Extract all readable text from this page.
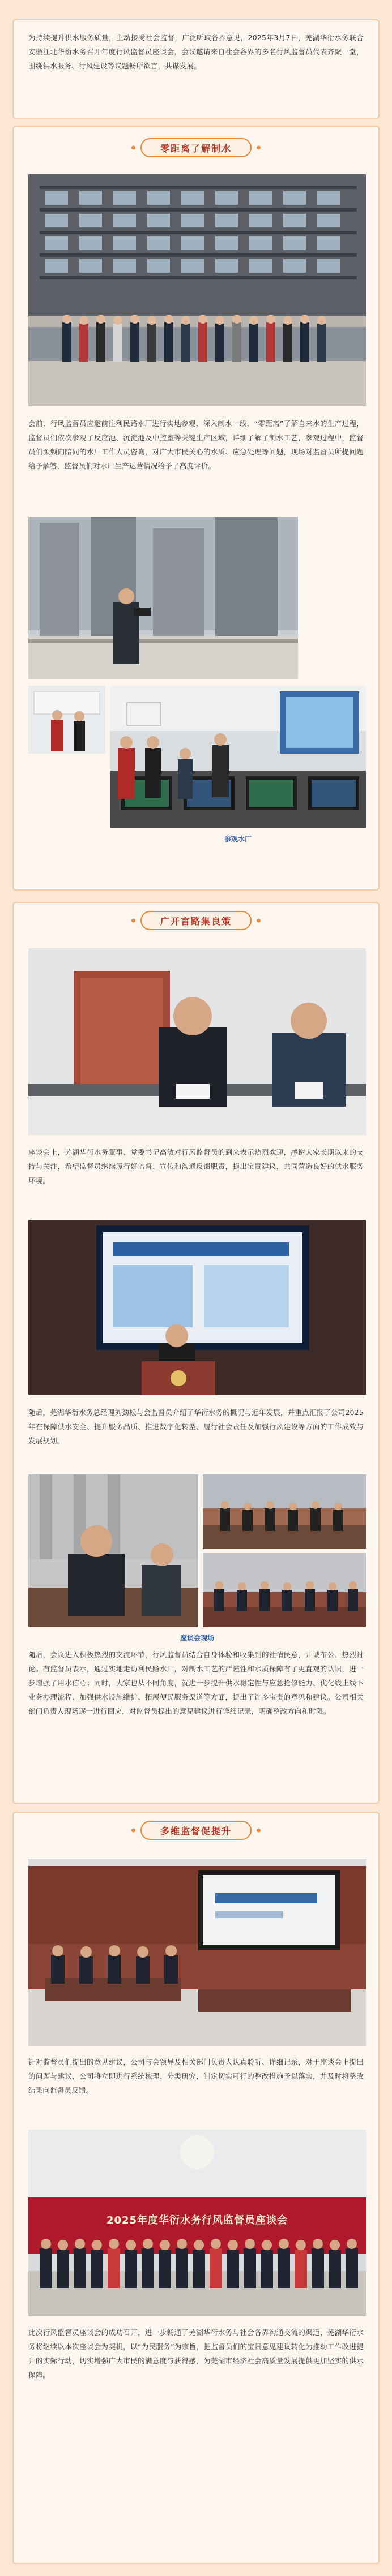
为持续提升供水服务质量，主动接受社会监督，广泛听取各界意见，2025年3月7日，芜湖华衍水务联合安徽江北华衍水务召开年度行风监督员座谈会，会议邀请来自社会各界的多名行风监督员代表齐聚一堂，围绕供水服务、行风建设等议题畅所欲言，共谋发展。

零距离了解制水

会前，行风监督员应邀前往利民路水厂进行实地参观，深入制水一线，“零距离”了解自来水的生产过程，监督员们依次参观了反应池、沉淀池及中控室等关键生产区域，详细了解了制水工艺，参观过程中，监督员们频频向陪同的水厂工作人员咨询，对广大市民关心的水质、应急处理等问题，现场对监督员所提问题给予解答，监督员们对水厂生产运营情况给予了高度评价。

参观水厂
广开言路集良策

座谈会上，芜湖华衍水务董事、党委书记高敏对行风监督员的到来表示热烈欢迎，感谢大家长期以来的支持与关注，希望监督员继续履行好监督、宣传和沟通反馈职责，提出宝贵建议，共同营造良好的供水服务环境。

随后，芜湖华衍水务总经理刘劲松与会监督员介绍了华衍水务的概况与近年发展，并重点汇报了公司2025年在保障供水安全、提升服务品质、推进数字化转型、履行社会责任及加强行风建设等方面的工作成效与发展规划。

座谈会现场

随后，会议进入积极热烈的交流环节，行风监督员结合自身体验和收集到的社情民意，开诚布公、热烈讨论。有监督员表示，通过实地走访利民路水厂，对制水工艺的严谨性和水质保障有了更直观的认识，进一步增强了用水信心；同时，大家也从不同角度，就进一步提升供水稳定性与应急抢修能力、优化线上线下业务办理流程、加强供水设施维护、拓展便民服务渠道等方面，提出了许多宝贵的意见和建议。公司相关部门负责人现场逐一进行回应，对监督员提出的意见建议进行详细记录，明确整改方向和时限。

多维监督促提升

针对监督员们提出的意见建议，公司与会领导及相关部门负责人认真聆听、详细记录，对于座谈会上提出的问题与建议，公司将立即进行系统梳理、分类研究，制定切实可行的整改措施予以落实，并及时将整改结果向监督员反馈。

2025年度华衍水务行风监督员座谈会

此次行风监督员座谈会的成功召开，进一步畅通了芜湖华衍水务与社会各界沟通交流的渠道，芜湖华衍水务将继续以本次座谈会为契机，以“为民服务”为宗旨，把监督员们的宝贵意见建议转化为推动工作改进提升的实际行动，切实增强广大市民的满意度与获得感，为芜湖市经济社会高质量发展提供更加坚实的供水保障。
